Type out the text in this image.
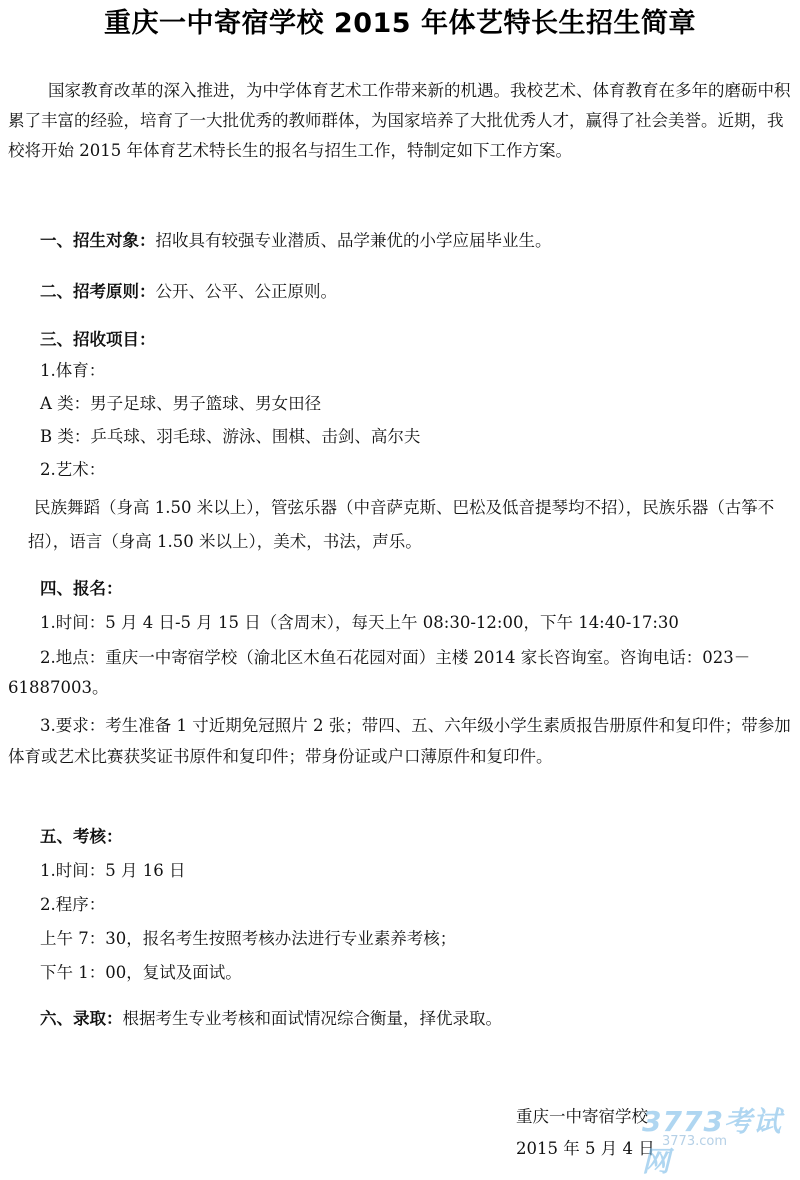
重庆一中寄宿学校 2015 年体艺特长生招生简章

国家教育改革的深入推进，为中学体育艺术工作带来新的机遇。我校艺术、体育教育在多年的磨砺中积累了丰富的经验，培育了一大批优秀的教师群体，为国家培养了大批优秀人才，赢得了社会美誉。近期，我校将开始 2015 年体育艺术特长生的报名与招生工作，特制定如下工作方案。

一、招生对象：招收具有较强专业潜质、品学兼优的小学应届毕业生。

二、招考原则：公开、公平、公正原则。

三、招收项目：

1.体育：

A 类：男子足球、男子篮球、男女田径

B 类：乒乓球、羽毛球、游泳、围棋、击剑、高尔夫

2.艺术：

民族舞蹈（身高 1.50 米以上），管弦乐器（中音萨克斯、巴松及低音提琴均不招），民族乐器（古筝不招），语言（身高 1.50 米以上），美术，书法，声乐。

四、报名：

1.时间：5 月 4 日-5 月 15 日（含周末），每天上午 08:30-12:00，下午 14:40-17:30

2.地点：重庆一中寄宿学校（渝北区木鱼石花园对面）主楼 2014 家长咨询室。咨询电话：023－61887003。

3.要求：考生准备 1 寸近期免冠照片 2 张；带四、五、六年级小学生素质报告册原件和复印件；带参加体育或艺术比赛获奖证书原件和复印件；带身份证或户口薄原件和复印件。

五、考核：

1.时间：5 月 16 日

2.程序：

上午 7：30，报名考生按照考核办法进行专业素养考核；

下午 1：00，复试及面试。

六、录取：根据考生专业考核和面试情况综合衡量，择优录取。

重庆一中寄宿学校
2015 年 5 月 4 日
3773考试网
3773.com
